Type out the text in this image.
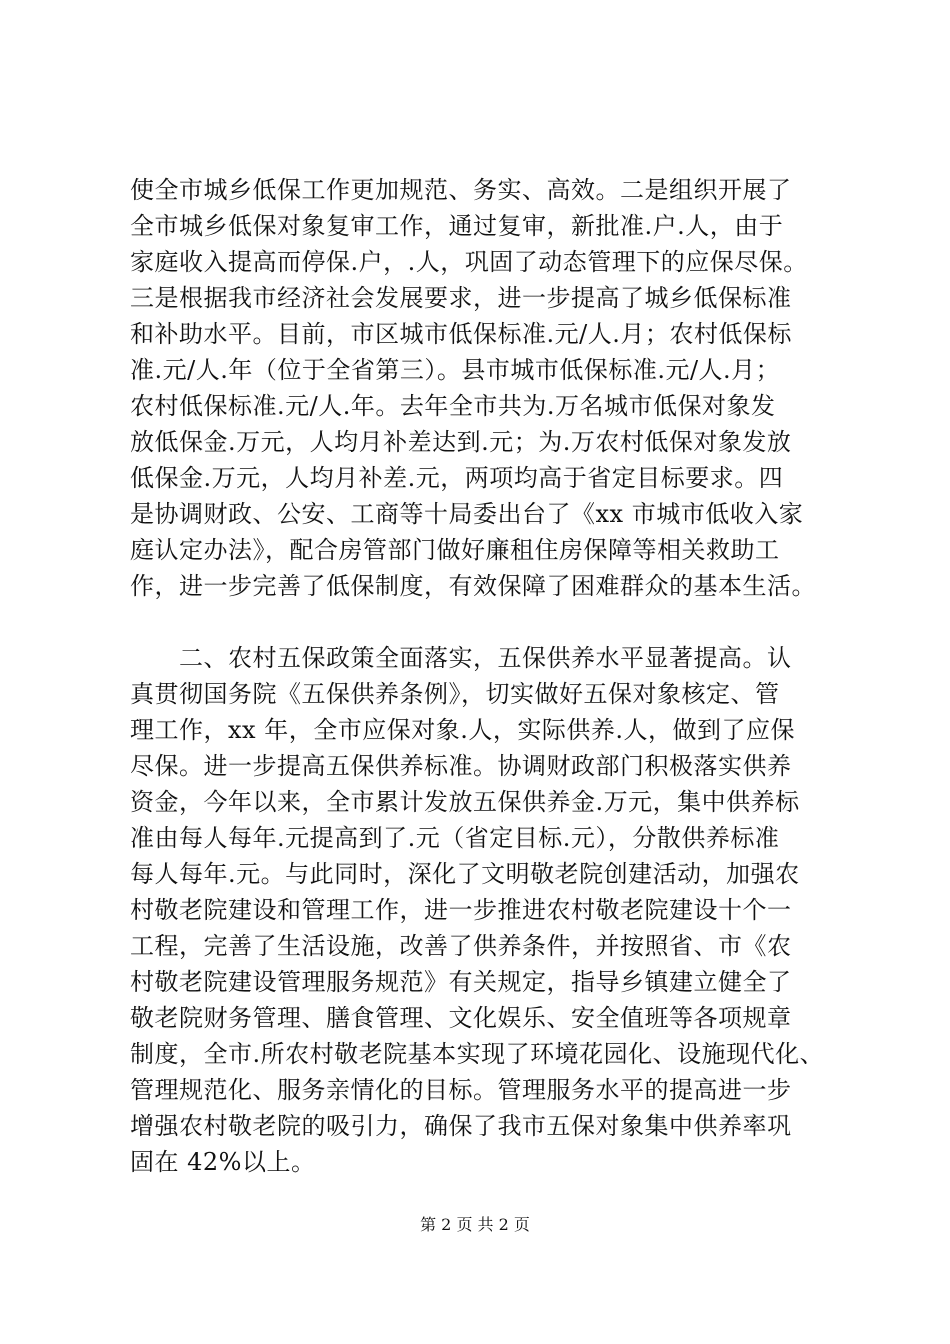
使全市城乡低保工作更加规范、务实、高效。二是组织开展了
全市城乡低保对象复审工作，通过复审，新批准.户.人，由于
家庭收入提高而停保.户，.人，巩固了动态管理下的应保尽保。
三是根据我市经济社会发展要求，进一步提高了城乡低保标准
和补助水平。目前，市区城市低保标准.元/人.月；农村低保标
准.元/人.年（位于全省第三）。县市城市低保标准.元/人.月；
农村低保标准.元/人.年。去年全市共为.万名城市低保对象发
放低保金.万元，人均月补差达到.元；为.万农村低保对象发放
低保金.万元，人均月补差.元，两项均高于省定目标要求。四
是协调财政、公安、工商等十局委出台了《xx 市城市低收入家
庭认定办法》，配合房管部门做好廉租住房保障等相关救助工
作，进一步完善了低保制度，有效保障了困难群众的基本生活。
　　二、农村五保政策全面落实，五保供养水平显著提高。认
真贯彻国务院《五保供养条例》，切实做好五保对象核定、管
理工作，xx 年，全市应保对象.人，实际供养.人，做到了应保
尽保。进一步提高五保供养标准。协调财政部门积极落实供养
资金，今年以来，全市累计发放五保供养金.万元，集中供养标
准由每人每年.元提高到了.元（省定目标.元），分散供养标准
每人每年.元。与此同时，深化了文明敬老院创建活动，加强农
村敬老院建设和管理工作，进一步推进农村敬老院建设十个一
工程，完善了生活设施，改善了供养条件，并按照省、市《农
村敬老院建设管理服务规范》有关规定，指导乡镇建立健全了
敬老院财务管理、膳食管理、文化娱乐、安全值班等各项规章
制度，全市.所农村敬老院基本实现了环境花园化、设施现代化、
管理规范化、服务亲情化的目标。管理服务水平的提高进一步
增强农村敬老院的吸引力，确保了我市五保对象集中供养率巩
固在 42%以上。
第 2 页 共 2 页
